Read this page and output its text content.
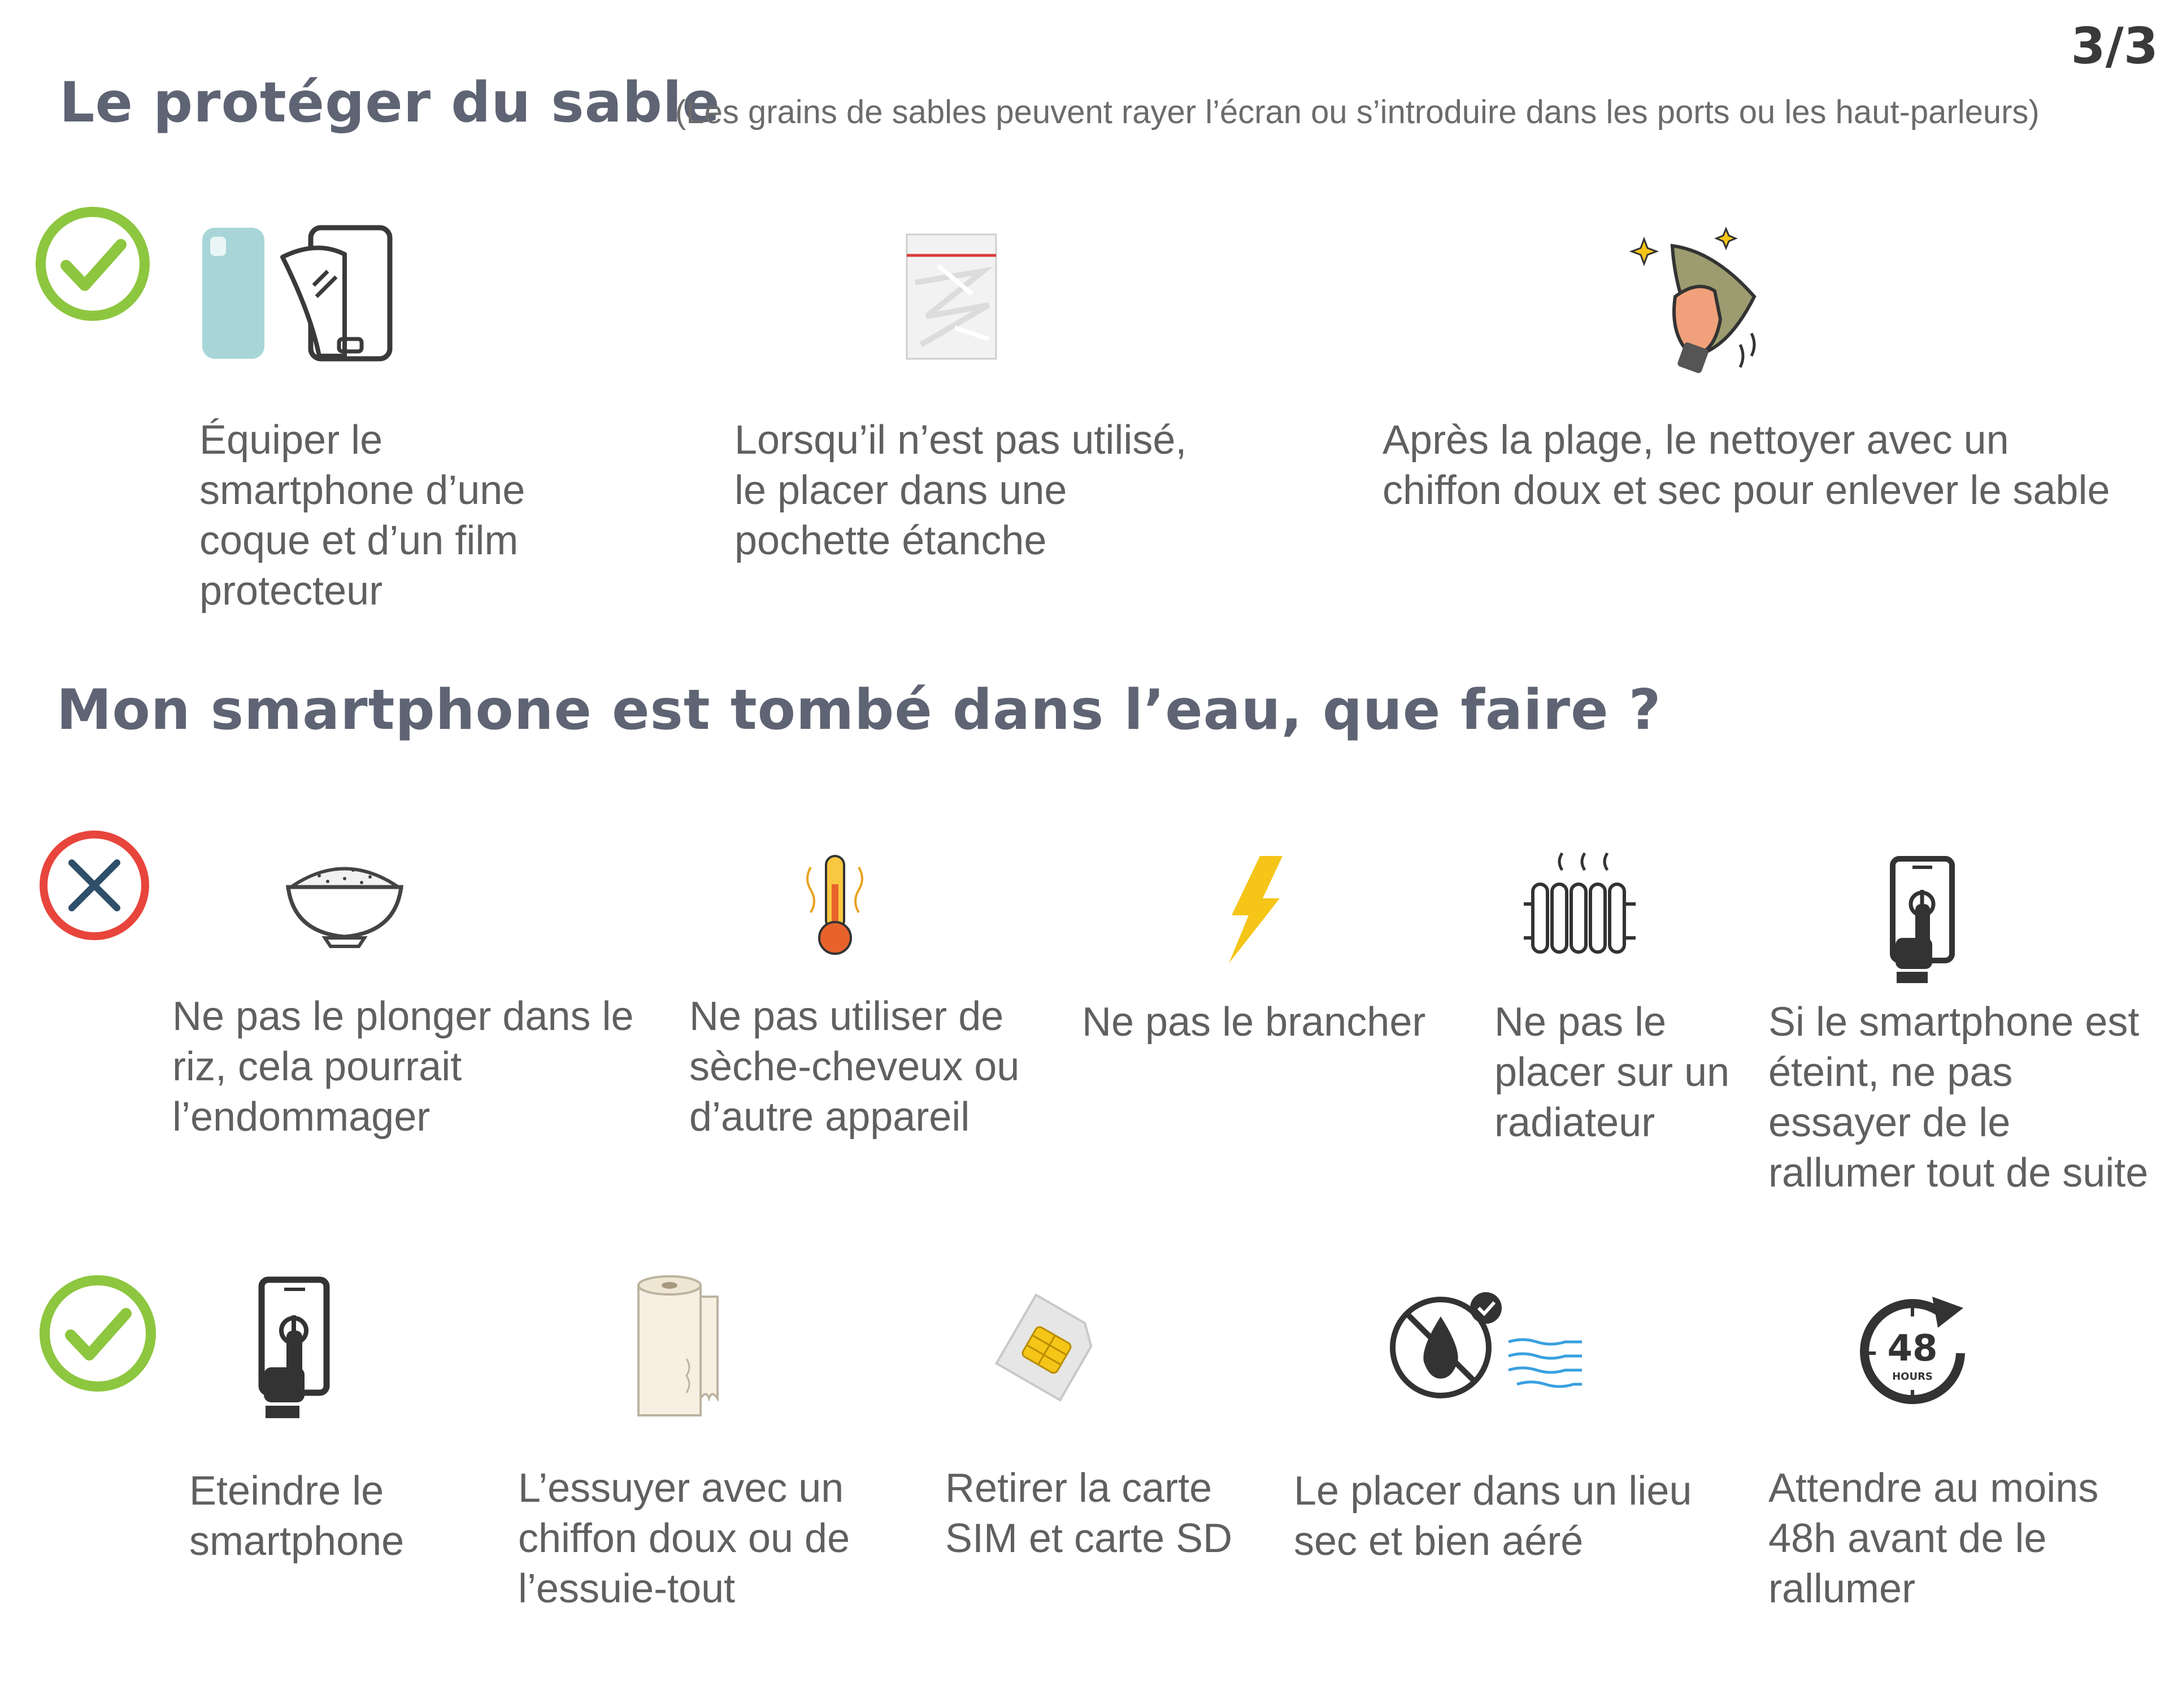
3/3
Le protéger du sable
(Les grains de sables peuvent rayer l’écran ou s’introduire dans les ports ou les haut-parleurs)
Équiper le smartphone d’une coque et d’un film protecteur
Lorsqu’il n’est pas utilisé, le placer dans une pochette étanche
Après la plage, le nettoyer avec un chiffon doux et sec pour enlever le sable
Mon smartphone est tombé dans l’eau, que faire ?
Ne pas le plonger dans le riz, cela pourrait l’endommager
Ne pas utiliser de sèche-cheveux ou d’autre appareil
Ne pas le brancher	Ne pas le placer sur un radiateur
Si le smartphone est éteint, ne pas essayer de le rallumer tout de suite
48
HOURS
Eteindre le smartphone
L’essuyer avec un chiffon doux ou de l’essuie-tout
Retirer la carte SIM et carte SD
Le placer dans un lieu sec et bien aéré
Attendre au moins 48h avant de le rallumer
